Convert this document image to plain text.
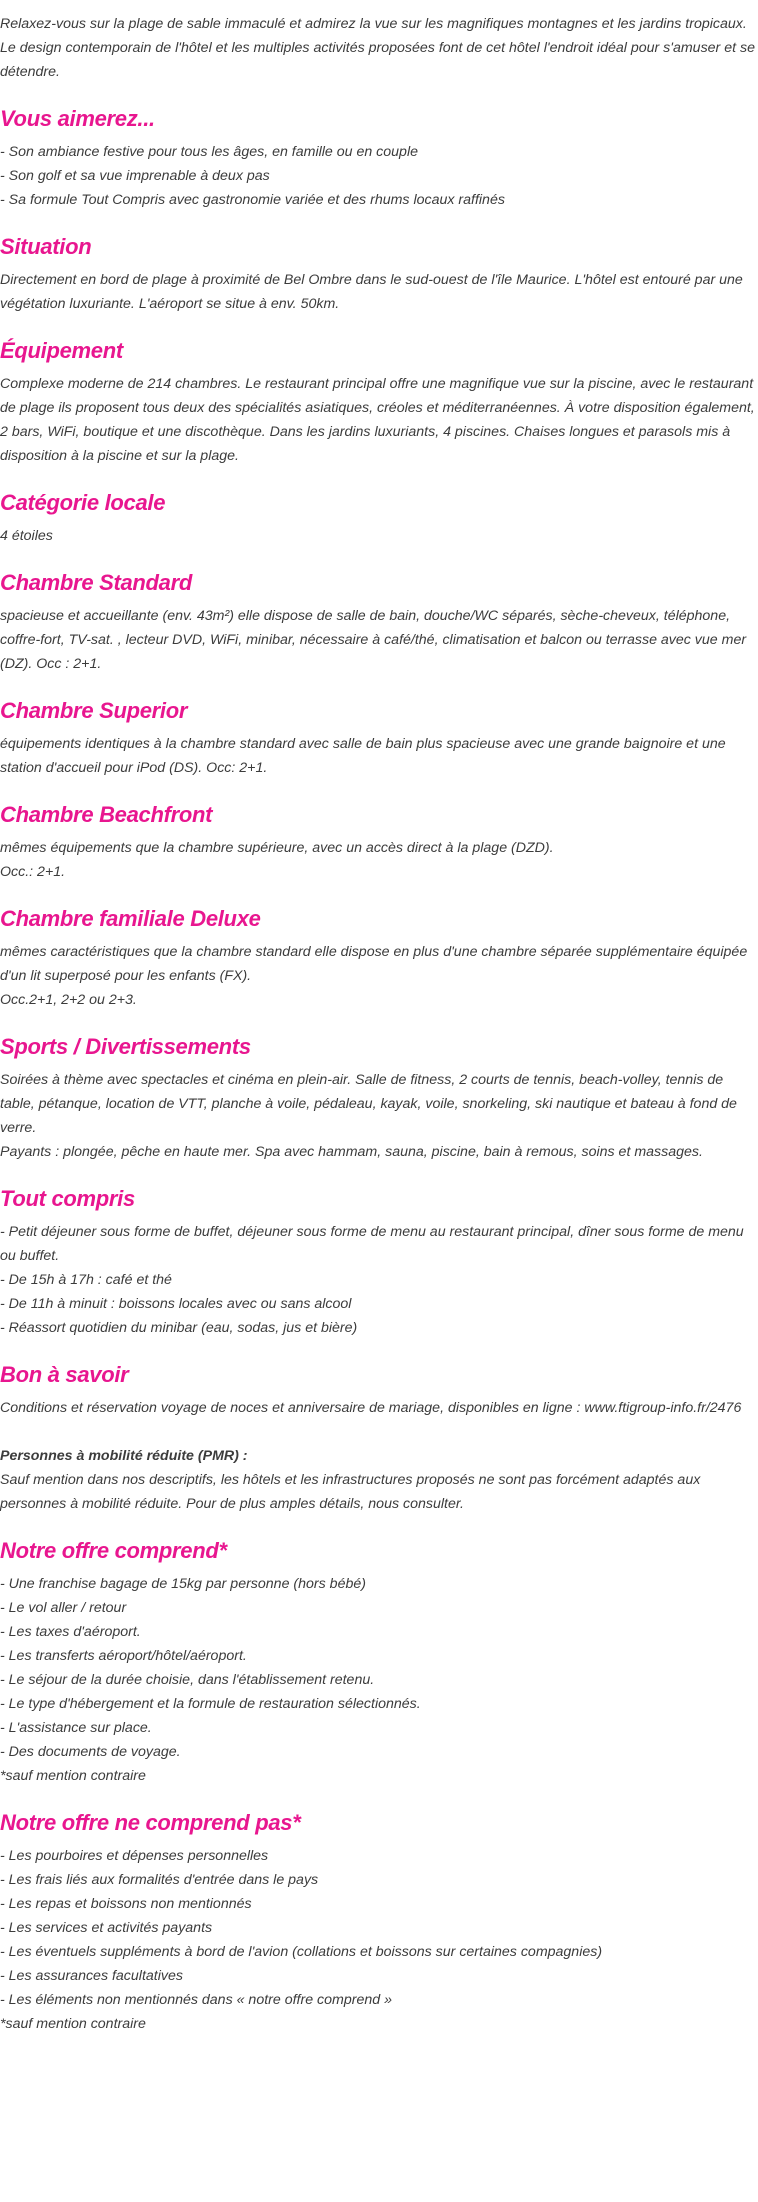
Relaxez-vous sur la plage de sable immaculé et admirez la vue sur les magnifiques montagnes et les jardins tropicaux. Le design contemporain de l'hôtel et les multiples activités proposées font de cet hôtel l'endroit idéal pour s'amuser et se détendre.

Vous aimerez...
- Son ambiance festive pour tous les âges, en famille ou en couple
- Son golf et sa vue imprenable à deux pas
- Sa formule Tout Compris avec gastronomie variée et des rhums locaux raffinés
Situation

Directement en bord de plage à proximité de Bel Ombre dans le sud-ouest de l'île Maurice. L'hôtel est entouré par une végétation luxuriante. L'aéroport se situe à env. 50km.

Équipement

Complexe moderne de 214 chambres. Le restaurant principal offre une magnifique vue sur la piscine, avec le restaurant de plage ils proposent tous deux des spécialités asiatiques, créoles et méditerranéennes. À votre disposition également, 2 bars, WiFi, boutique et une discothèque. Dans les jardins luxuriants, 4 piscines. Chaises longues et parasols mis à disposition à la piscine et sur la plage.

Catégorie locale

4 étoiles

Chambre Standard

spacieuse et accueillante (env. 43m²) elle dispose de salle de bain, douche/WC séparés, sèche-cheveux, téléphone, coffre-fort, TV-sat. , lecteur DVD, WiFi, minibar, nécessaire à café/thé, climatisation et balcon ou terrasse avec vue mer (DZ). Occ : 2+1.

Chambre Superior

équipements identiques à la chambre standard avec salle de bain plus spacieuse avec une grande baignoire et une station d'accueil pour iPod (DS). Occ: 2+1.

Chambre Beachfront

mêmes équipements que la chambre supérieure, avec un accès direct à la plage (DZD).

Occ.: 2+1.

Chambre familiale Deluxe

mêmes caractéristiques que la chambre standard elle dispose en plus d'une chambre séparée supplémentaire équipée d'un lit superposé pour les enfants (FX).

Occ.2+1, 2+2 ou 2+3.

Sports / Divertissements

Soirées à thème avec spectacles et cinéma en plein-air. Salle de fitness, 2 courts de tennis, beach-volley, tennis de table, pétanque, location de VTT, planche à voile, pédaleau, kayak, voile, snorkeling, ski nautique et bateau à fond de verre.

Payants : plongée, pêche en haute mer. Spa avec hammam, sauna, piscine, bain à remous, soins et massages.

Tout compris
- Petit déjeuner sous forme de buffet, déjeuner sous forme de menu au restaurant principal, dîner sous forme de menu ou buffet.
- De 15h à 17h : café et thé
- De 11h à minuit : boissons locales avec ou sans alcool
- Réassort quotidien du minibar (eau, sodas, jus et bière)
Bon à savoir

Conditions et réservation voyage de noces et anniversaire de mariage, disponibles en ligne : www.ftigroup-info.fr/2476

Personnes à mobilité réduite (PMR) :

Sauf mention dans nos descriptifs, les hôtels et les infrastructures proposés ne sont pas forcément adaptés aux personnes à mobilité réduite. Pour de plus amples détails, nous consulter.

Notre offre comprend*
- Une franchise bagage de 15kg par personne (hors bébé)
- Le vol aller / retour
- Les taxes d'aéroport.
- Les transferts aéroport/hôtel/aéroport.
- Le séjour de la durée choisie, dans l'établissement retenu.
- Le type d'hébergement et la formule de restauration sélectionnés.
- L'assistance sur place.
- Des documents de voyage.
*sauf mention contraire
Notre offre ne comprend pas*
- Les pourboires et dépenses personnelles
- Les frais liés aux formalités d'entrée dans le pays
- Les repas et boissons non mentionnés
- Les services et activités payants
- Les éventuels suppléments à bord de l'avion (collations et boissons sur certaines compagnies)
- Les assurances facultatives
- Les éléments non mentionnés dans « notre offre comprend »
*sauf mention contraire
